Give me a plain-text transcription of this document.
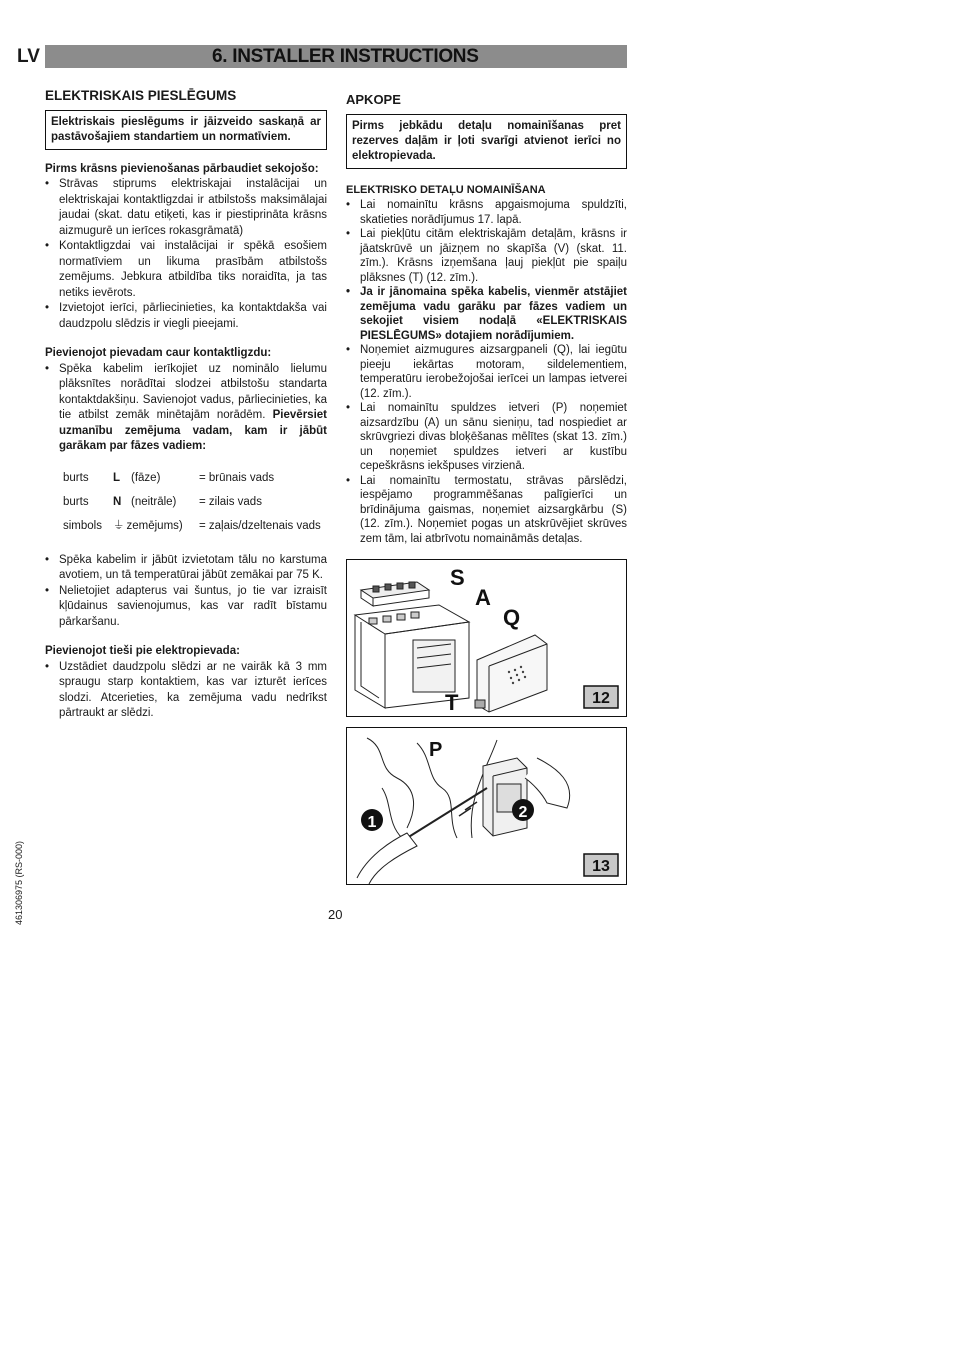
LV	6. INSTALLER INSTRUCTIONS
ELEKTRISKAIS PIESLĒGUMS
Elektriskais pieslēgums ir jāizveido saskaņā ar pastāvošajiem standartiem un normatīviem.

Pirms krāsns pievienošanas pārbaudiet sekojošo:

• Strāvas stiprums elektriskajai instalācijai un elektriskajai kontaktligzdai ir atbilstošs maksimālajai jaudai (skat. datu etiķeti, kas ir piestiprināta krāsns aizmugurē un ierīces rokasgrāmatā)
• Kontaktligzdai vai instalācijai ir spēkā esošiem normatīviem un likuma prasībām atbilstošs zemējums. Jebkura atbildība tiks noraidīta, ja tas netiks ievērots.
• Izvietojot ierīci, pārliecinieties, ka kontaktdakša vai daudzpolu slēdzis ir viegli pieejami.

Pievienojot pievadam caur kontaktligzdu:

• Spēka kabelim ierīkojiet uz nominālo lielumu plāksnītes norādītai slodzei atbilstošu standarta kontaktdakšiņu. Savienojot vadus, pārliecinieties, ka tie atbilst zemāk minētajām norādēm. Pievērsiet uzmanību zemējuma vadam, kam ir jābūt garākam par fāzes vadiem:
burts	L (fāze)	= brūnais vads
burts	N (neitrāle)	= zilais vads
simbols ⏚ zemējums) = zaļais/dzeltenais vads
• Spēka kabelim ir jābūt izvietotam tālu no karstuma avotiem, un tā temperatūrai jābūt zemākai par 75 K.
• Nelietojiet adapterus vai šuntus, jo tie var izraisīt kļūdainus savienojumus, kas var radīt bīstamu pārkaršanu.

Pievienojot tieši pie elektropievada:

• Uzstādiet daudzpolu slēdzi ar ne vairāk kā 3 mm spraugu starp kontaktiem, kas var izturēt ierīces slodzi. Atcerieties, ka zemējuma vadu nedrīkst pārtraukt ar slēdzi.
APKOPE
Pirms jebkādu detaļu nomainīšanas pret rezerves daļām ir ļoti svarīgi atvienot ierīci no elektropievada.

ELEKTRISKO DETAĻU NOMAINĪŠANA

• Lai nomainītu krāsns apgaismojuma spuldzīti, skatieties norādījumus 17. lapā.
• Lai piekļūtu citām elektriskajām detaļām, krāsns ir jāatskrūvē un jāizņem no skapīša (V) (skat. 11. zīm.). Krāsns izņemšana ļauj piekļūt pie spaiļu plāksnes (T) (12. zīm.).
• Ja ir jānomaina spēka kabelis, vienmēr atstājiet zemējuma vadu garāku par fāzes vadiem un sekojiet visiem nodaļā «ELEKTRISKAIS PIESLĒGUMS» dotajiem norādījumiem.
• Noņemiet aizmugures aizsargpaneli (Q), lai iegūtu pieeju iekārtas motoram, sildelementiem, temperatūru ierobežojošai ierīcei un lampas ietverei (12. zīm.).
• Lai nomainītu spuldzes ietveri (P) noņemiet aizsardzību (A) un sānu sieniņu, tad nospiediet ar skrūvgriezi divas bloķēšanas mēlītes (skat 13. zīm.) un noņemiet spuldzes ietveri ar kustību cepeškrāsns iekšpuses virzienā.
• Lai nomainītu termostatu, strāvas pārslēdzi, iespējamo programmēšanas palīgierīci un brīdinājuma gaismas, noņemiet aizsargkārbu (S) (12. zīm.). Noņemiet pogas un atskrūvējiet skrūves zem tām, lai atbrīvotu nomaināmās detaļas.
S
A
Q
T	12
P
1
2
13
20
461306975 (RS-000)
